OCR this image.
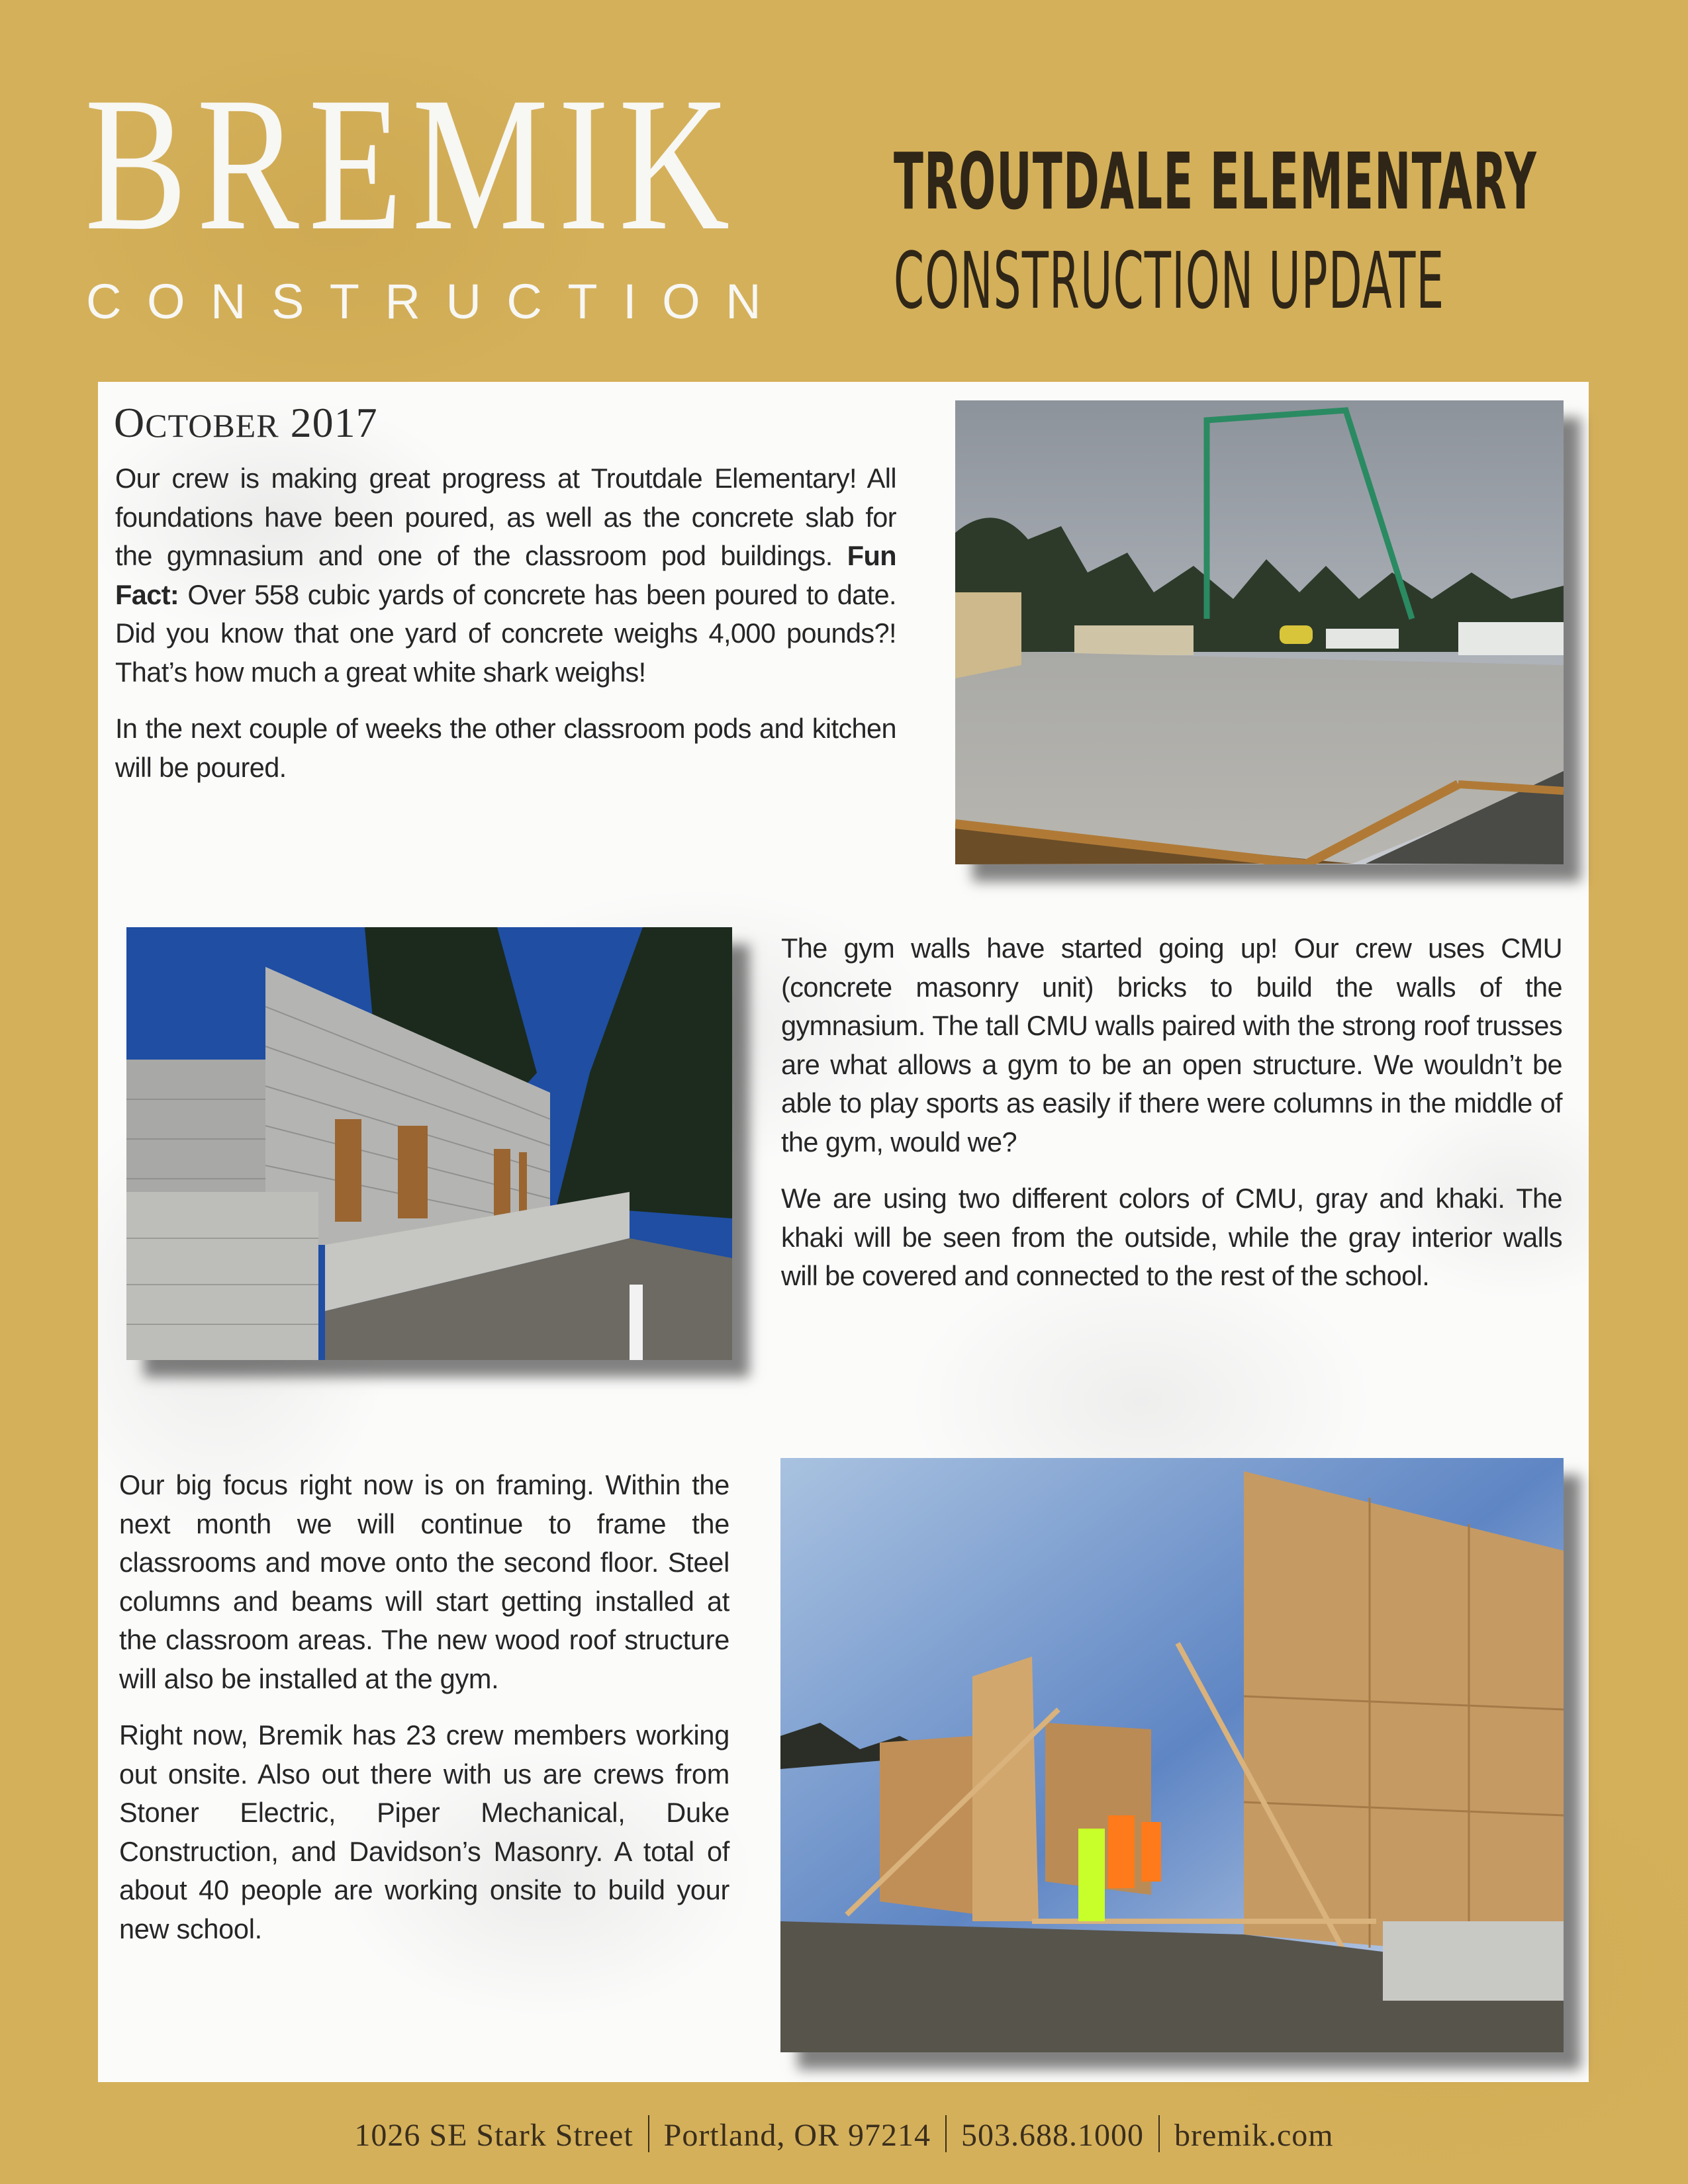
BREMIK
CONSTRUCTION
TROUTDALE ELEMENTARY
CONSTRUCTION UPDATE
OCTOBER 2017

Our crew is making great progress at Troutdale Elementary! All foundations have been poured, as well as the concrete slab for the gymnasium and one of the classroom pod buildings. Fun Fact: Over 558 cubic yards of concrete has been poured to date. Did you know that one yard of concrete weighs 4,000 pounds?! That’s how much a great white shark weighs!

In the next couple of weeks the other classroom pods and kitchen will be poured.

The gym walls have started going up! Our crew uses CMU (concrete masonry unit) bricks to build the walls of the gymnasium. The tall CMU walls paired with the strong roof trusses are what allows a gym to be an open structure. We wouldn’t be able to play sports as easily if there were columns in the middle of the gym, would we?

We are using two different colors of CMU, gray and khaki. The khaki will be seen from the outside, while the gray interior walls will be covered and connected to the rest of the school.

Our big focus right now is on framing. Within the next month we will continue to frame the classrooms and move onto the second floor. Steel columns and beams will start getting installed at the classroom areas. The new wood roof structure will also be installed at the gym.

Right now, Bremik has 23 crew members working out onsite. Also out there with us are crews from Stoner Electric, Piper Mechanical, Duke Construction, and Davidson’s Masonry. A total of about 40 people are working onsite to build your new school.

1026 SE Stark Street Portland, OR 97214 503.688.1000 bremik.com
